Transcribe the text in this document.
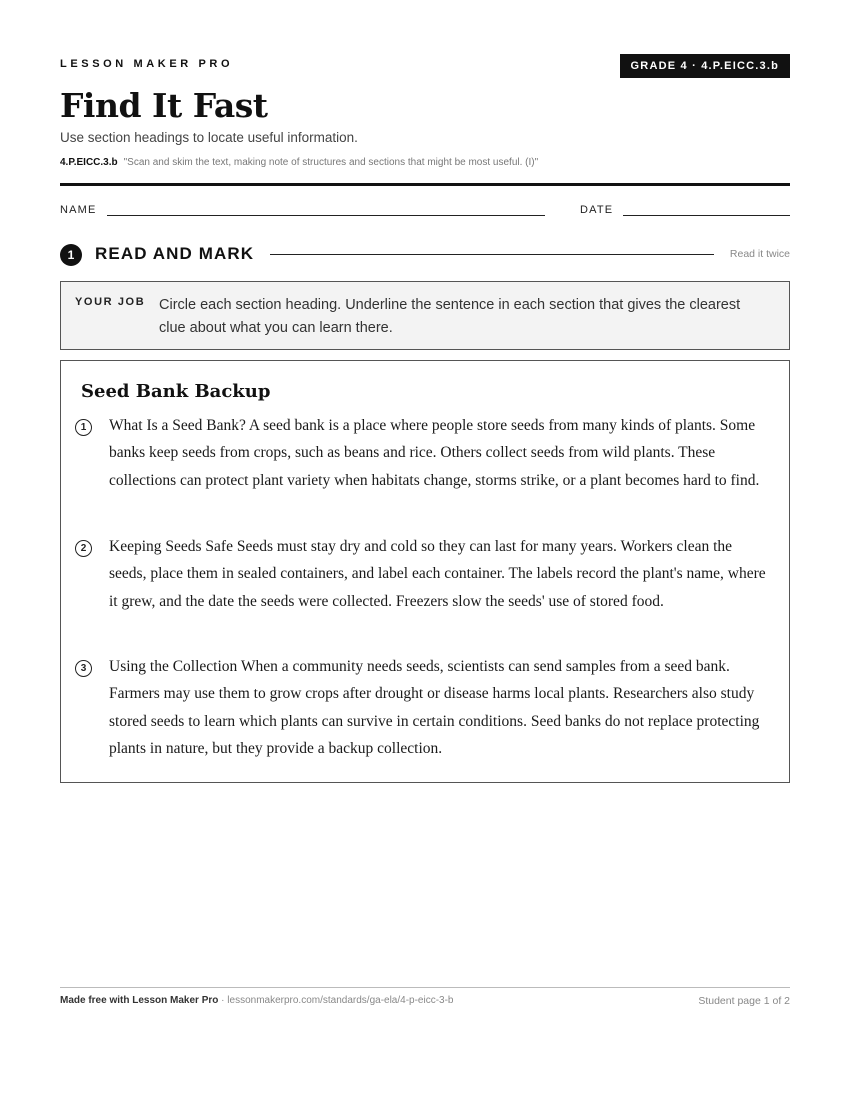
LESSON MAKER PRO	GRADE 4 · 4.P.EICC.3.b
Find It Fast
Use section headings to locate useful information.
4.P.EICC.3.b "Scan and skim the text, making note of structures and sections that might be most useful. (I)"
NAME	DATE
1	READ AND MARK	Read it twice
YOUR JOB Circle each section heading. Underline the sentence in each section that gives the clearest clue about what you can learn there.
Seed Bank Backup
1	What Is a Seed Bank? A seed bank is a place where people store seeds from many kinds of plants. Some banks keep seeds from crops, such as beans and rice. Others collect seeds from wild plants. These collections can protect plant variety when habitats change, storms strike, or a plant becomes hard to find.
2	Keeping Seeds Safe Seeds must stay dry and cold so they can last for many years. Workers clean the seeds, place them in sealed containers, and label each container. The labels record the plant's name, where it grew, and the date the seeds were collected. Freezers slow the seeds' use of stored food.
3	Using the Collection When a community needs seeds, scientists can send samples from a seed bank. Farmers may use them to grow crops after drought or disease harms local plants. Researchers also study stored seeds to learn which plants can survive in certain conditions. Seed banks do not replace protecting plants in nature, but they provide a backup collection.
Made free with Lesson Maker Pro · lessonmakerpro.com/standards/ga-ela/4-p-eicc-3-b	Student page 1 of 2
